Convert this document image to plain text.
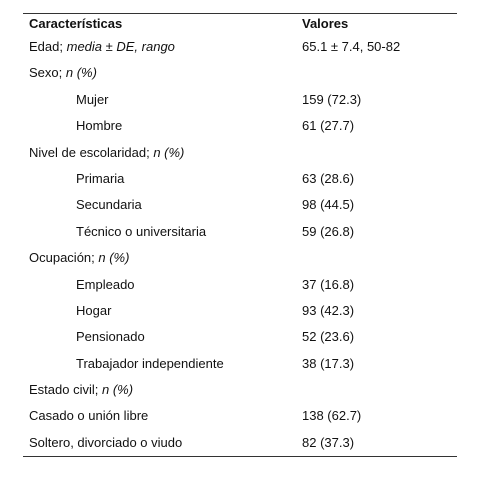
Características	Valores
Edad; media ± DE, rango	65.1 ± 7.4, 50-82
Sexo; n (%)
Mujer	159 (72.3)
Hombre	61 (27.7)
Nivel de escolaridad; n (%)
Primaria	63 (28.6)
Secundaria	98 (44.5)
Técnico o universitaria	59 (26.8)
Ocupación; n (%)
Empleado	37 (16.8)
Hogar	93 (42.3)
Pensionado	52 (23.6)
Trabajador independiente	38 (17.3)
Estado civil; n (%)
Casado o unión libre	138 (62.7)
Soltero, divorciado o viudo	82 (37.3)
